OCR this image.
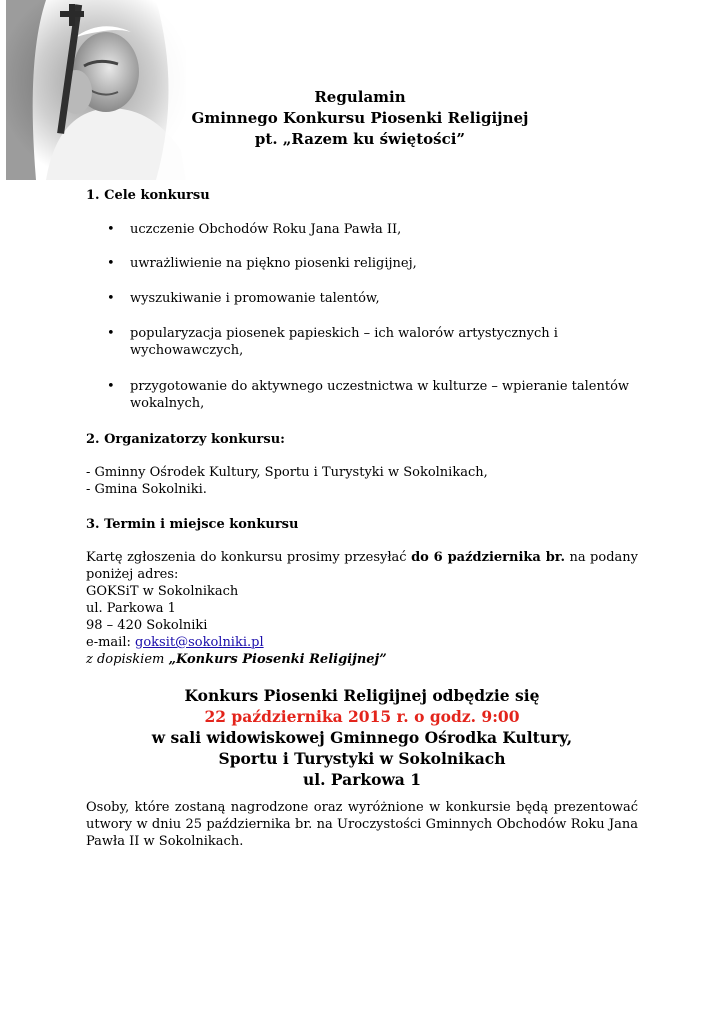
Regulamin
Gminnego Konkursu Piosenki Religijnej
pt. „Razem ku świętości”

1. Cele konkursu

• uczczenie Obchodów Roku Jana Pawła II,
• uwrażliwienie na piękno piosenki religijnej,
• wyszukiwanie i promowanie talentów,
• popularyzacja piosenek papieskich – ich walorów artystycznych i wychowawczych,
• przygotowanie do aktywnego uczestnictwa w kulturze – wpieranie talentów wokalnych,

2. Organizatorzy konkursu:

- Gminny Ośrodek Kultury, Sportu i Turystyki w Sokolnikach,
- Gmina Sokolniki.

3. Termin i miejsce konkursu

Kartę zgłoszenia do konkursu prosimy przesyłać do 6 października br. na podany poniżej adres:
GOKSiT w Sokolnikach
ul. Parkowa 1
98 – 420 Sokolniki
e-mail: goksit@sokolniki.pl
z dopiskiem „Konkurs Piosenki Religijnej”
Konkurs Piosenki Religijnej odbędzie się
22 października 2015 r. o godz. 9:00
w sali widowiskowej Gminnego Ośrodka Kultury,
Sportu i Turystyki w Sokolnikach
ul. Parkowa 1
Osoby, które zostaną nagrodzone oraz wyróżnione w konkursie będą prezentować utwory w dniu 25 października br. na Uroczystości Gminnych Obchodów Roku Jana Pawła II w Sokolnikach.
